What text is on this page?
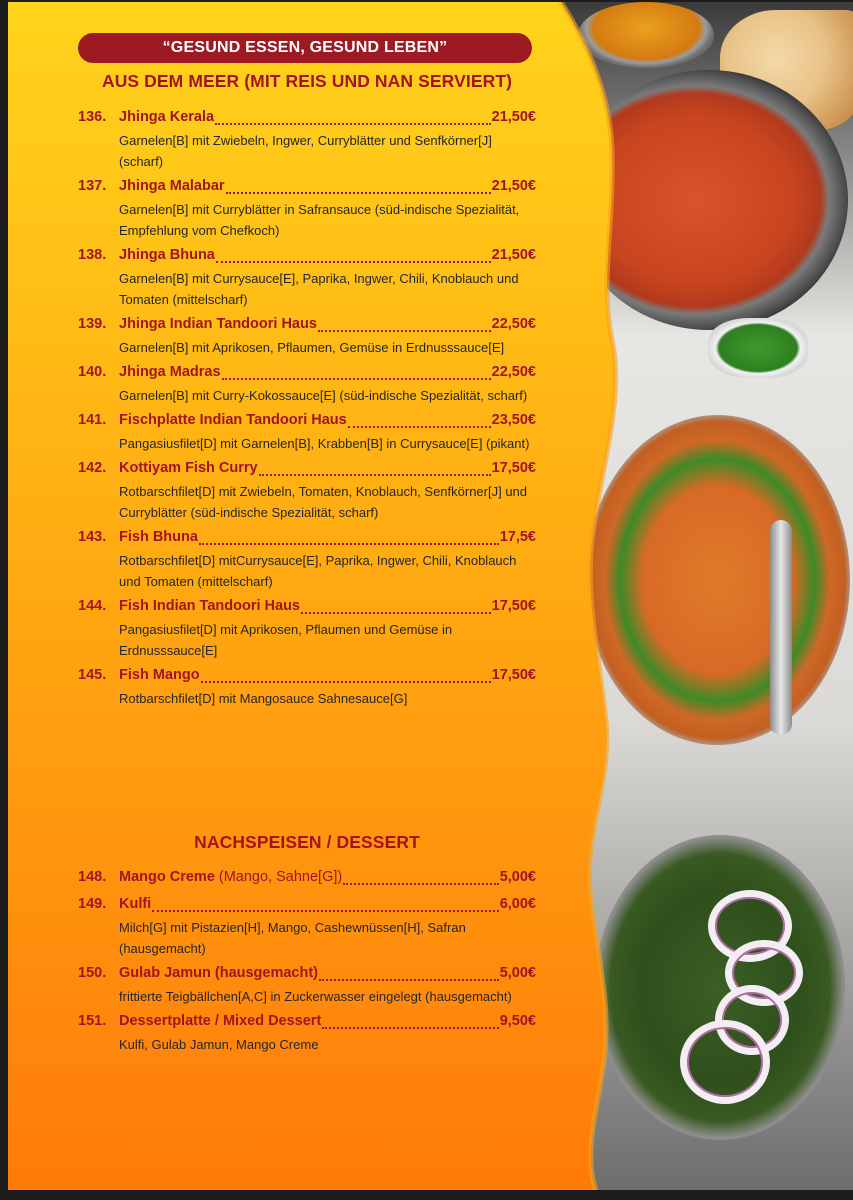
“GESUND ESSEN, GESUND LEBEN”
AUS DEM MEER (MIT REIS UND NAN SERVIERT)
136. Jhinga Kerala	21,50€
Garnelen[B] mit Zwiebeln, Ingwer, Curryblätter und Senfkörner[J] (scharf)
137. Jhinga Malabar	21,50€
Garnelen[B] mit Curryblätter in Safransauce (süd-indische Spezialität, Empfehlung vom Chefkoch)
138. Jhinga Bhuna	21,50€
Garnelen[B] mit Currysauce[E], Paprika, Ingwer, Chili, Knoblauch und Tomaten (mittelscharf)
139. Jhinga Indian Tandoori Haus	22,50€
Garnelen[B] mit Aprikosen, Pflaumen, Gemüse in Erdnusssauce[E]
140. Jhinga Madras	22,50€
Garnelen[B] mit Curry-Kokossauce[E] (süd-indische Spezialität, scharf)
141. Fischplatte Indian Tandoori Haus	23,50€
Pangasiusfilet[D] mit Garnelen[B], Krabben[B] in Currysauce[E] (pikant)
142. Kottiyam Fish Curry	17,50€
Rotbarschfilet[D] mit Zwiebeln, Tomaten, Knoblauch, Senfkörner[J] und Curryblätter (süd-indische Spezialität, scharf)
143. Fish Bhuna	17,5€
Rotbarschfilet[D] mitCurrysauce[E], Paprika, Ingwer, Chili, Knoblauch und Tomaten (mittelscharf)
144. Fish Indian Tandoori Haus	17,50€
Pangasiusfilet[D] mit Aprikosen, Pflaumen und Gemüse in Erdnusssauce[E]
145. Fish Mango	17,50€
Rotbarschfilet[D] mit Mangosauce Sahnesauce[G]
NACHSPEISEN / DESSERT
148. Mango Creme (Mango, Sahne[G])	5,00€
149. Kulfi	6,00€
Milch[G] mit Pistazien[H], Mango, Cashewnüssen[H], Safran (hausgemacht)
150. Gulab Jamun (hausgemacht)	5,00€
frittierte Teigbällchen[A,C] in Zuckerwasser eingelegt (hausgemacht)
151. Dessertplatte / Mixed Dessert	9,50€
Kulfi, Gulab Jamun, Mango Creme
